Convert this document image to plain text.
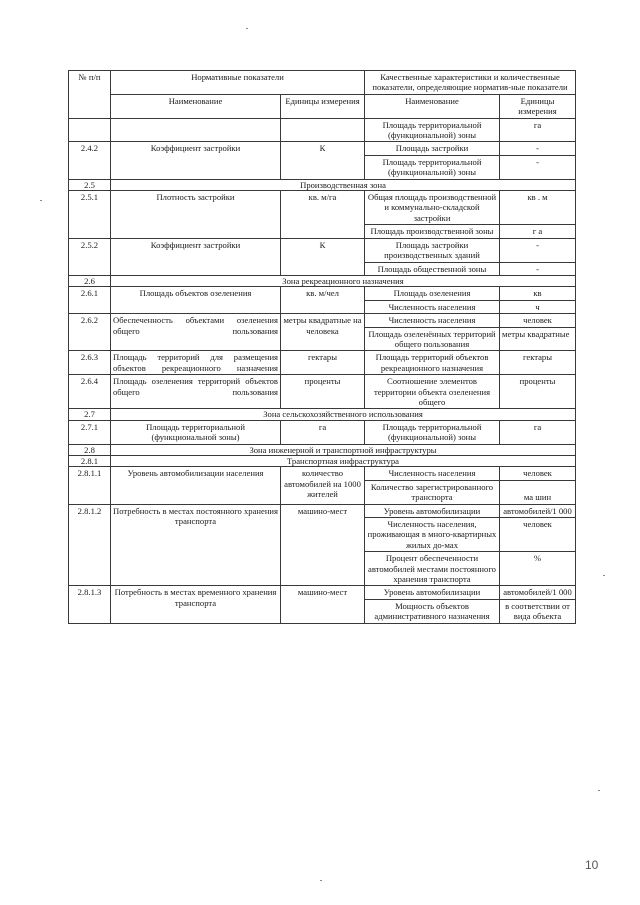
№ п/п	Нормативные показатели		Качественные характеристики и количественные показатели, определяющие норматив-ные показатели	
	Наименование	Единицы измерения	Наименование	Единицы измерения
			Площадь территориальной (функциональной) зоны	га
2.4.2	Коэффициент застройки	К	Площадь застройки	-
			Площадь территориальной (функциональной) зоны	-
2.5	Производственная зона			
2.5.1	Плотность застройки	кв. м/га	Общая площадь производственной и коммунально-складской застройки	кв . м
			Площадь производственной зоны	г а
2.5.2	Коэффициент застройки	К	Площадь застройки производственных зданий	-
			Площадь общественной зоны	-
2.6	Зона рекреационного назначения			
2.6.1	Площадь объектов озеленения	кв. м/чел	Площадь озеленения	кв
			Численность населения	ч
2.6.2	Обеспеченность объектами озеленения общего пользования	метры квадратные на человека	Численность населения	человек
			Площадь озеленённых территорий общего пользования	метры квадратные
2.6.3	Площадь территорий для размещения объектов рекреационного назначения	гектары	Площадь территорий объектов рекреационного назначения	гектары
2.6.4	Площадь озеленения территорий объектов общего пользования	проценты	Соотношение элементов территории объекта озеленения общего	проценты
2.7	Зона сельскохозяйственного использования			
2.7.1	Площадь территориальной (функциональной зоны)	га	Площадь территориальной (функциональной) зоны	га
2.8	Зона инженерной и транспортной инфраструктуры			
2.8.1	Транспортная инфраструктура			
2.8.1.1	Уровень автомобилизации населения	количество автомобилей на 1000 жителей	Численность населения	человек
			Количество зарегистрированного транспорта	ма шин
2.8.1.2	Потребность в местах постоянного хранения транспорта	машино-мест	Уровень автомобилизации	автомобилей/1 000
			Численность населения, проживающая в много-квартирных жилых до-мах	человек
			Процент обеспеченности автомобилей местами постоянного хранения транспорта	%
2.8.1.3	Потребность в местах временного хранения транспорта	машино-мест	Уровень автомобилизации	автомобилей/1 000
			Мощность объектов административного назначения	в соответствии от вида объекта
10
